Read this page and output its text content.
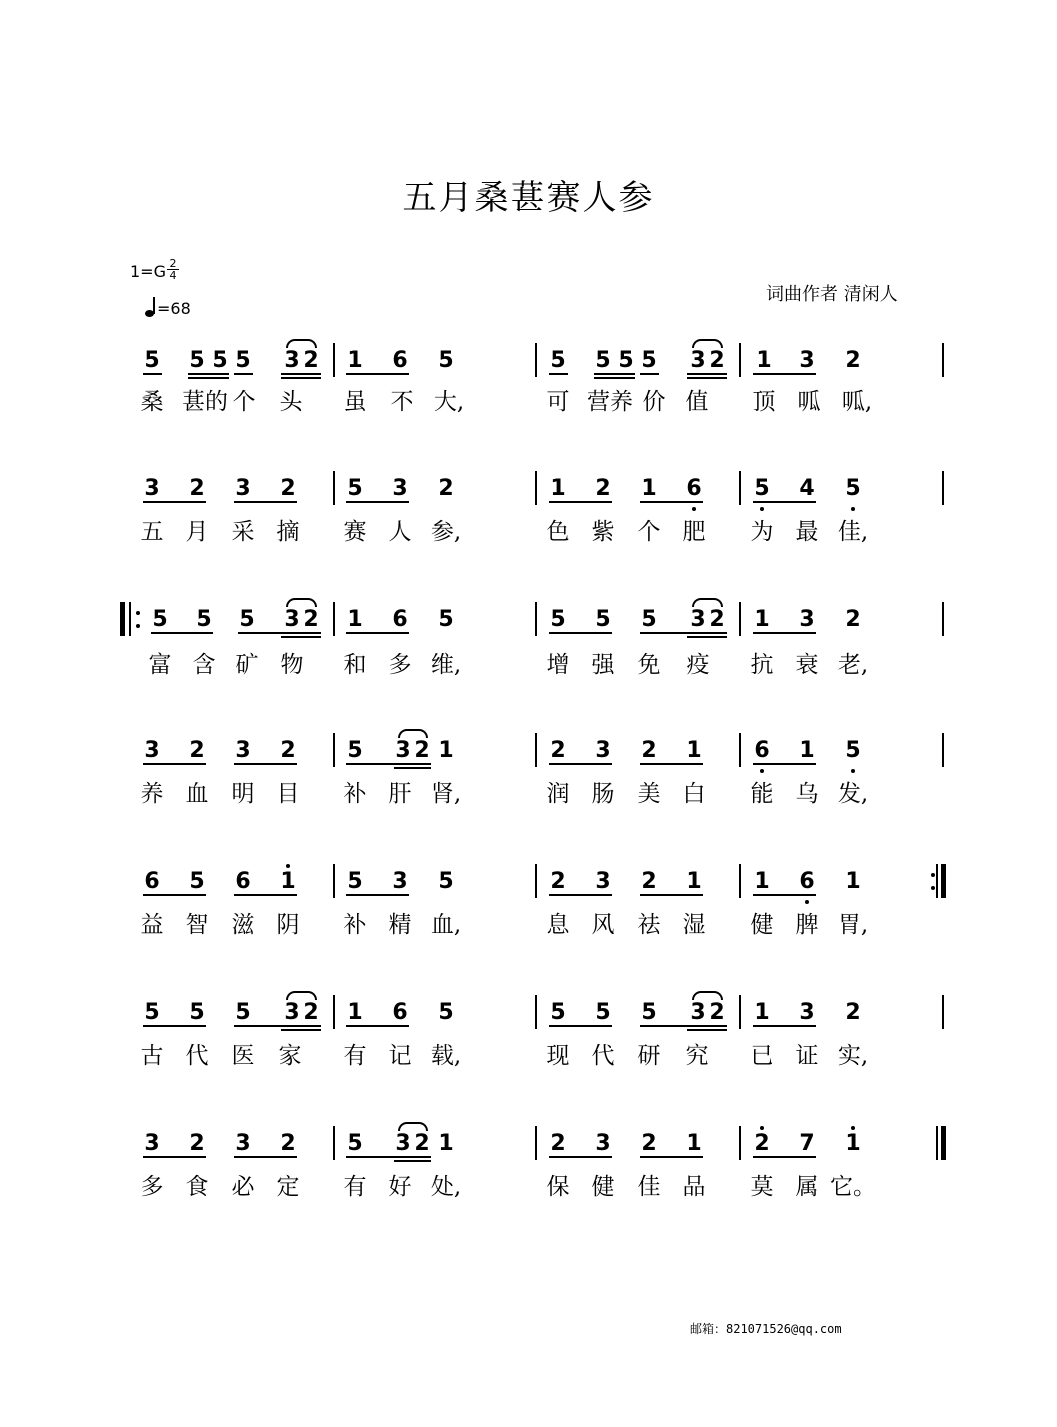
五月桑葚赛人参
1=G 2
4
=68
词曲作者 清闲人
邮箱：821071526@qq.com
5 5 5 5 3 2 1 6 5	5 5 5 5 3 2 1 3 2
桑 葚的 个 头 虽 不 大,	可 营养 价 值 顶 呱 呱,
3 2 3 2 5 3 2	1 2 1 6 5 4 5
五 月 采 摘 赛 人 参,	色 紫 个 肥 为 最 佳,
5 5 5 3 2 1 6 5	5 5 5 3 2 1 3 2
富 含 矿 物 和 多 维,	增 强 免 疫 抗 衰 老,
3 2 3 2 5 3 2 1	2 3 2 1 6 1 5
养 血 明 目 补 肝 肾,	润 肠 美 白 能 乌 发,
6 5 6 1 5 3 5	2 3 2 1 1 6 1
益 智 滋 阴 补 精 血,	息 风 祛 湿 健 脾 胃,
5 5 5 3 2 1 6 5	5 5 5 3 2 1 3 2
古 代 医 家 有 记 载,	现 代 研 究 已 证 实,
3 2 3 2 5 3 2 1	2 3 2 1 2 7 1
多 食 必 定 有 好 处,	保 健 佳 品 莫 属 它。
